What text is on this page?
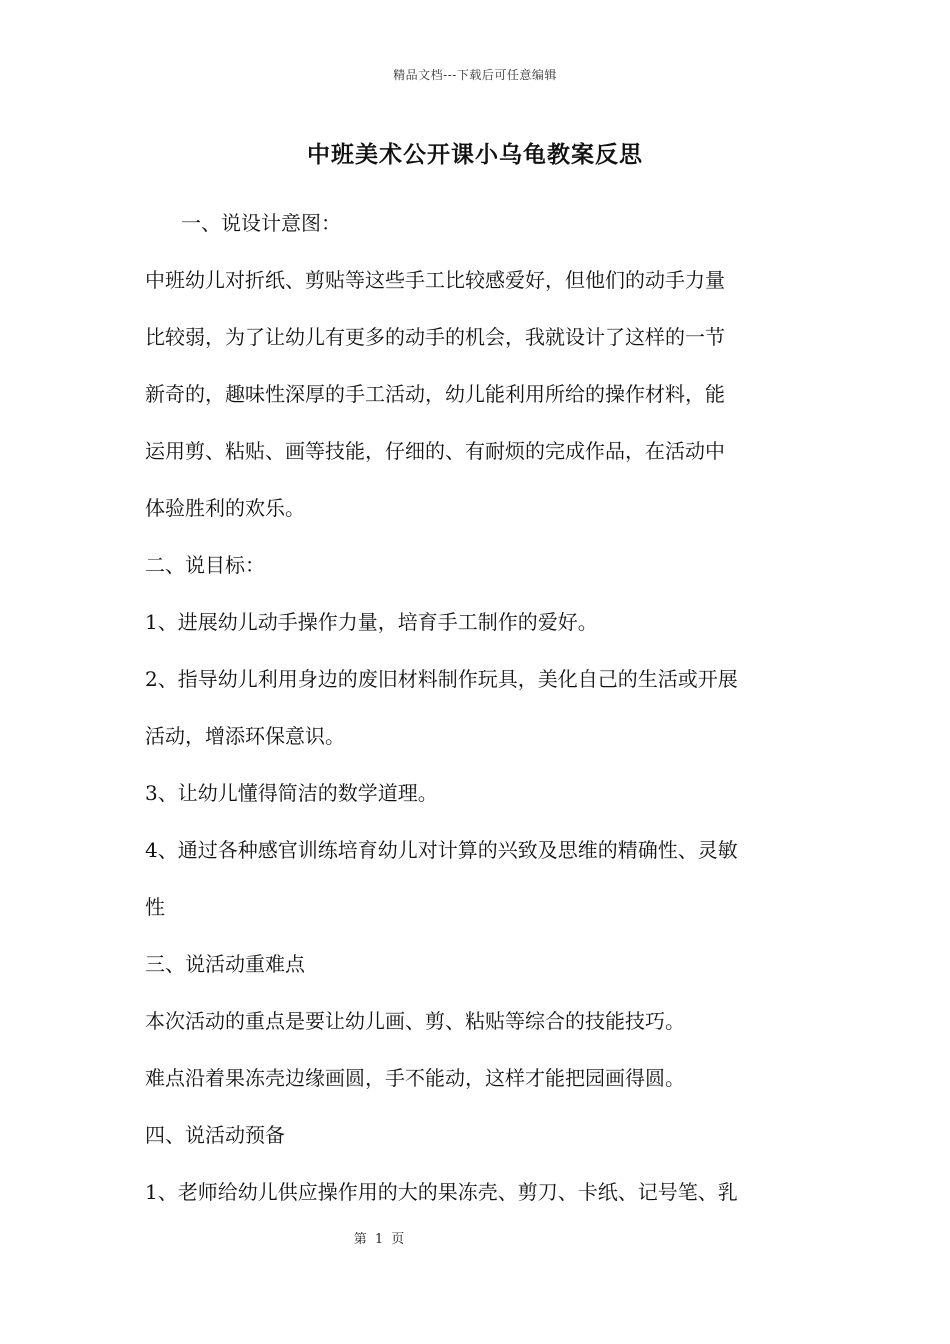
精品文档---下载后可任意编辑
中班美术公开课小乌龟教案反思
一、说设计意图：
中班幼儿对折纸、剪贴等这些手工比较感爱好，但他们的动手力量
比较弱，为了让幼儿有更多的动手的机会，我就设计了这样的一节
新奇的，趣味性深厚的手工活动，幼儿能利用所给的操作材料，能
运用剪、粘贴、画等技能，仔细的、有耐烦的完成作品，在活动中
体验胜利的欢乐。
二、说目标：
1、进展幼儿动手操作力量，培育手工制作的爱好。
2、指导幼儿利用身边的废旧材料制作玩具，美化自己的生活或开展
活动，增添环保意识。
3、让幼儿懂得简洁的数学道理。
4、通过各种感官训练培育幼儿对计算的兴致及思维的精确性、灵敏
性
三、说活动重难点
本次活动的重点是要让幼儿画、剪、粘贴等综合的技能技巧。
难点沿着果冻壳边缘画圆，手不能动，这样才能把园画得圆。
四、说活动预备
1、老师给幼儿供应操作用的大的果冻壳、剪刀、卡纸、记号笔、乳
第 1 页
